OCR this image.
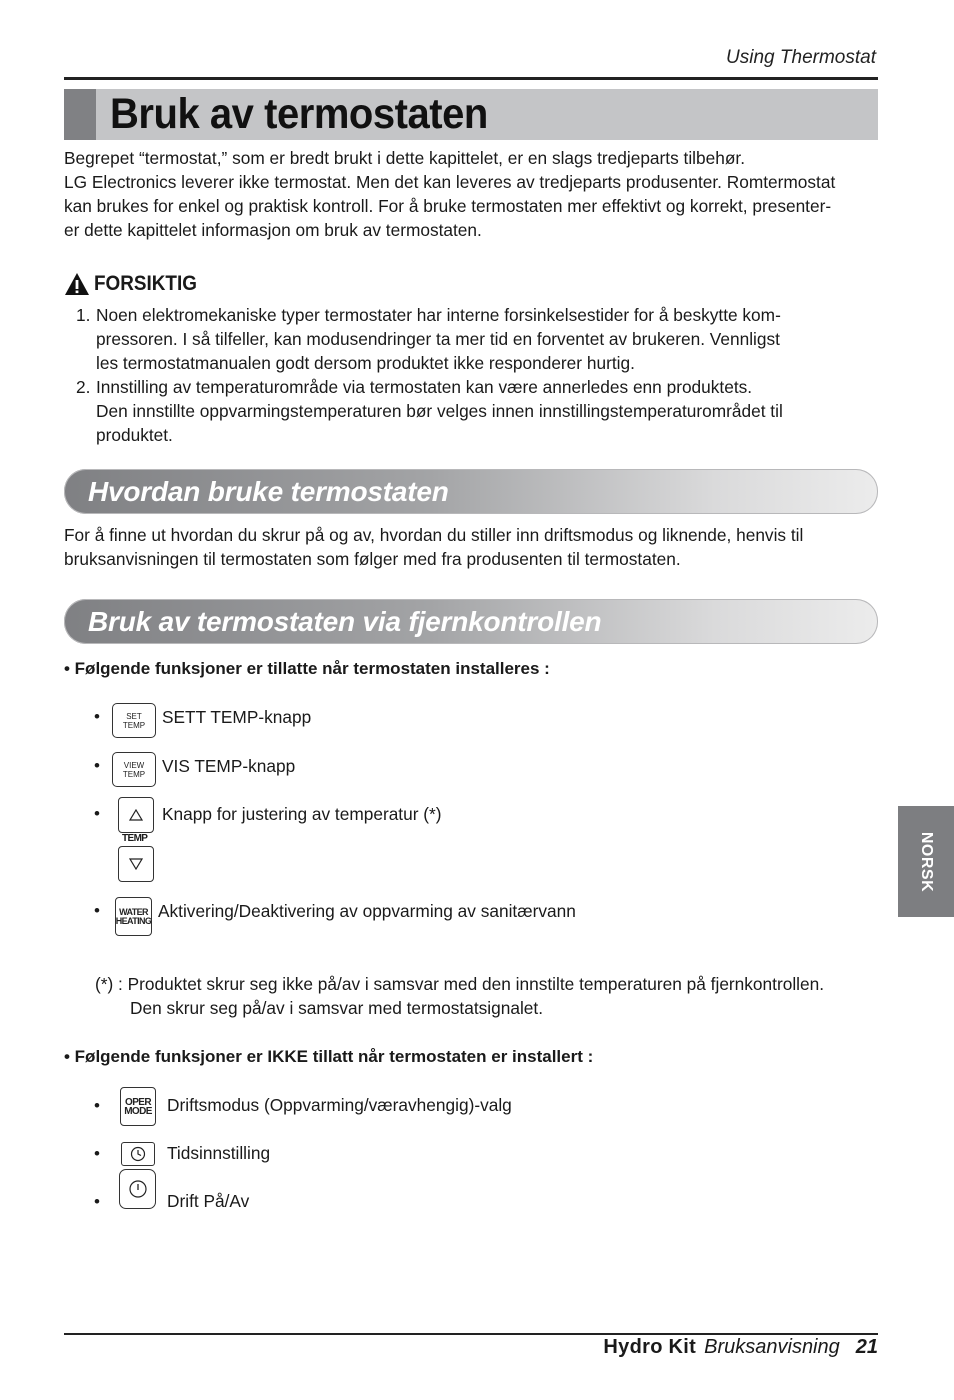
Using Thermostat
Bruk av termostaten

Begrepet “termostat,” som er bredt brukt i dette kapittelet, er en slags tredjeparts tilbehør.

LG Electronics leverer ikke termostat. Men det kan leveres av tredjeparts produsenter. Romtermostat

kan brukes for enkel og praktisk kontroll. For å bruke termostaten mer effektivt og korrekt, presenter-

er dette kapittelet informasjon om bruk av termostaten.

FORSIKTIG
1. Noen elektromekaniske typer termostater har interne forsinkelsestider for å beskytte kom-
pressoren. I så tilfeller, kan modusendringer ta mer tid en forventet av brukeren. Vennligst
les termostatmanualen godt dersom produktet ikke responderer hurtig.
2. Innstilling av temperaturområde via termostaten kan være annerledes enn produktets.
Den innstillte oppvarmingstemperaturen bør velges innen innstillingstemperaturområdet til
produktet.
Hvordan bruke termostaten

For å finne ut hvordan du skrur på og av, hvordan du stiller inn driftsmodus og liknende, henvis til

bruksanvisningen til termostaten som følger med fra produsenten til termostaten.

Bruk av termostaten via fjernkontrollen
• Følgende funksjoner er tillatte når termostaten installeres :
•	SET
TEMP SETT TEMP-knapp
•	VIEW
TEMP VIS TEMP-knapp
•
TEMP
Knapp for justering av temperatur (*)
•	WATER
HEATING Aktivering/Deaktivering av oppvarming av sanitærvann
(*) : Produktet skrur seg ikke på/av i samsvar med den innstilte temperaturen på fjernkontrollen.
Den skrur seg på/av i samsvar med termostatsignalet.
• Følgende funksjoner er IKKE tillatt når termostaten er installert :
•	OPER
MODE Driftsmodus (Oppvarming/væravhengig)-valg
•	Tidsinnstilling
•	Drift På/Av
NORSK
Hydro Kit Bruksanvisning 21
